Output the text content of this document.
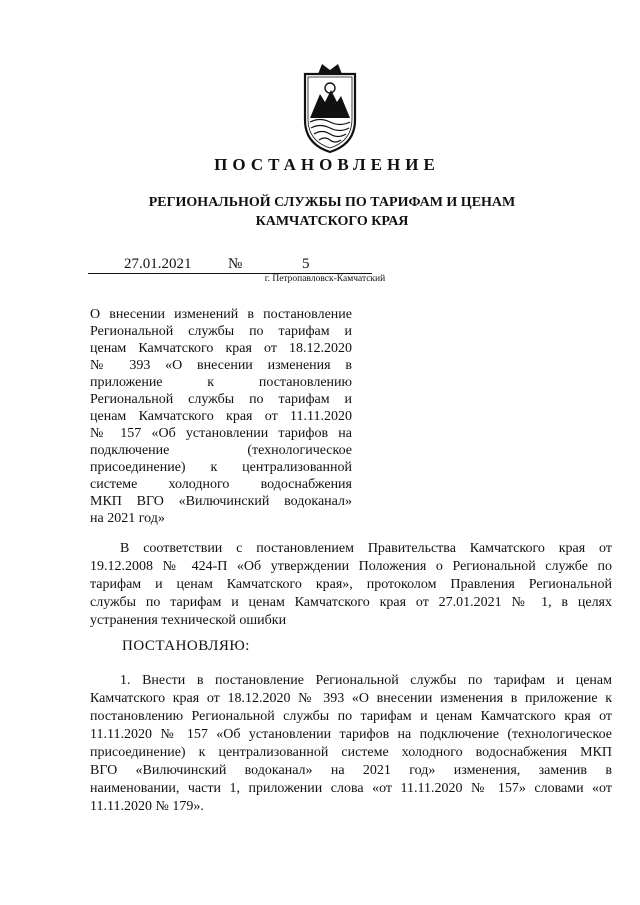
ПОСТАНОВЛЕНИЕ
РЕГИОНАЛЬНОЙ СЛУЖБЫ ПО ТАРИФАМ И ЦЕНАМ
КАМЧАТСКОГО КРАЯ
27.01.2021 №	5
г. Петропавловск-Камчатский
О внесении изменений в постановление
Региональной службы по тарифам и
ценам Камчатского края от 18.12.2020
№ 393 «О внесении изменения в
приложение к постановлению
Региональной службы по тарифам и
ценам Камчатского края от 11.11.2020
№ 157 «Об установлении тарифов на
подключение (технологическое
присоединение) к централизованной
системе холодного водоснабжения
МКП ВГО «Вилючинский водоканал»
на 2021 год»
В соответствии с постановлением Правительства Камчатского края от
19.12.2008 № 424-П «Об утверждении Положения о Региональной службе по
тарифам и ценам Камчатского края», протоколом Правления Региональной
службы по тарифам и ценам Камчатского края от 27.01.2021 № 1, в целях
устранения технической ошибки
ПОСТАНОВЛЯЮ:
1. Внести в постановление Региональной службы по тарифам и ценам
Камчатского края от 18.12.2020 № 393 «О внесении изменения в приложение к
постановлению Региональной службы по тарифам и ценам Камчатского края от
11.11.2020 № 157 «Об установлении тарифов на подключение (технологическое
присоединение) к централизованной системе холодного водоснабжения МКП
ВГО «Вилючинский водоканал» на 2021 год» изменения, заменив в
наименовании, части 1, приложении слова «от 11.11.2020 № 157» словами «от
11.11.2020 № 179».
